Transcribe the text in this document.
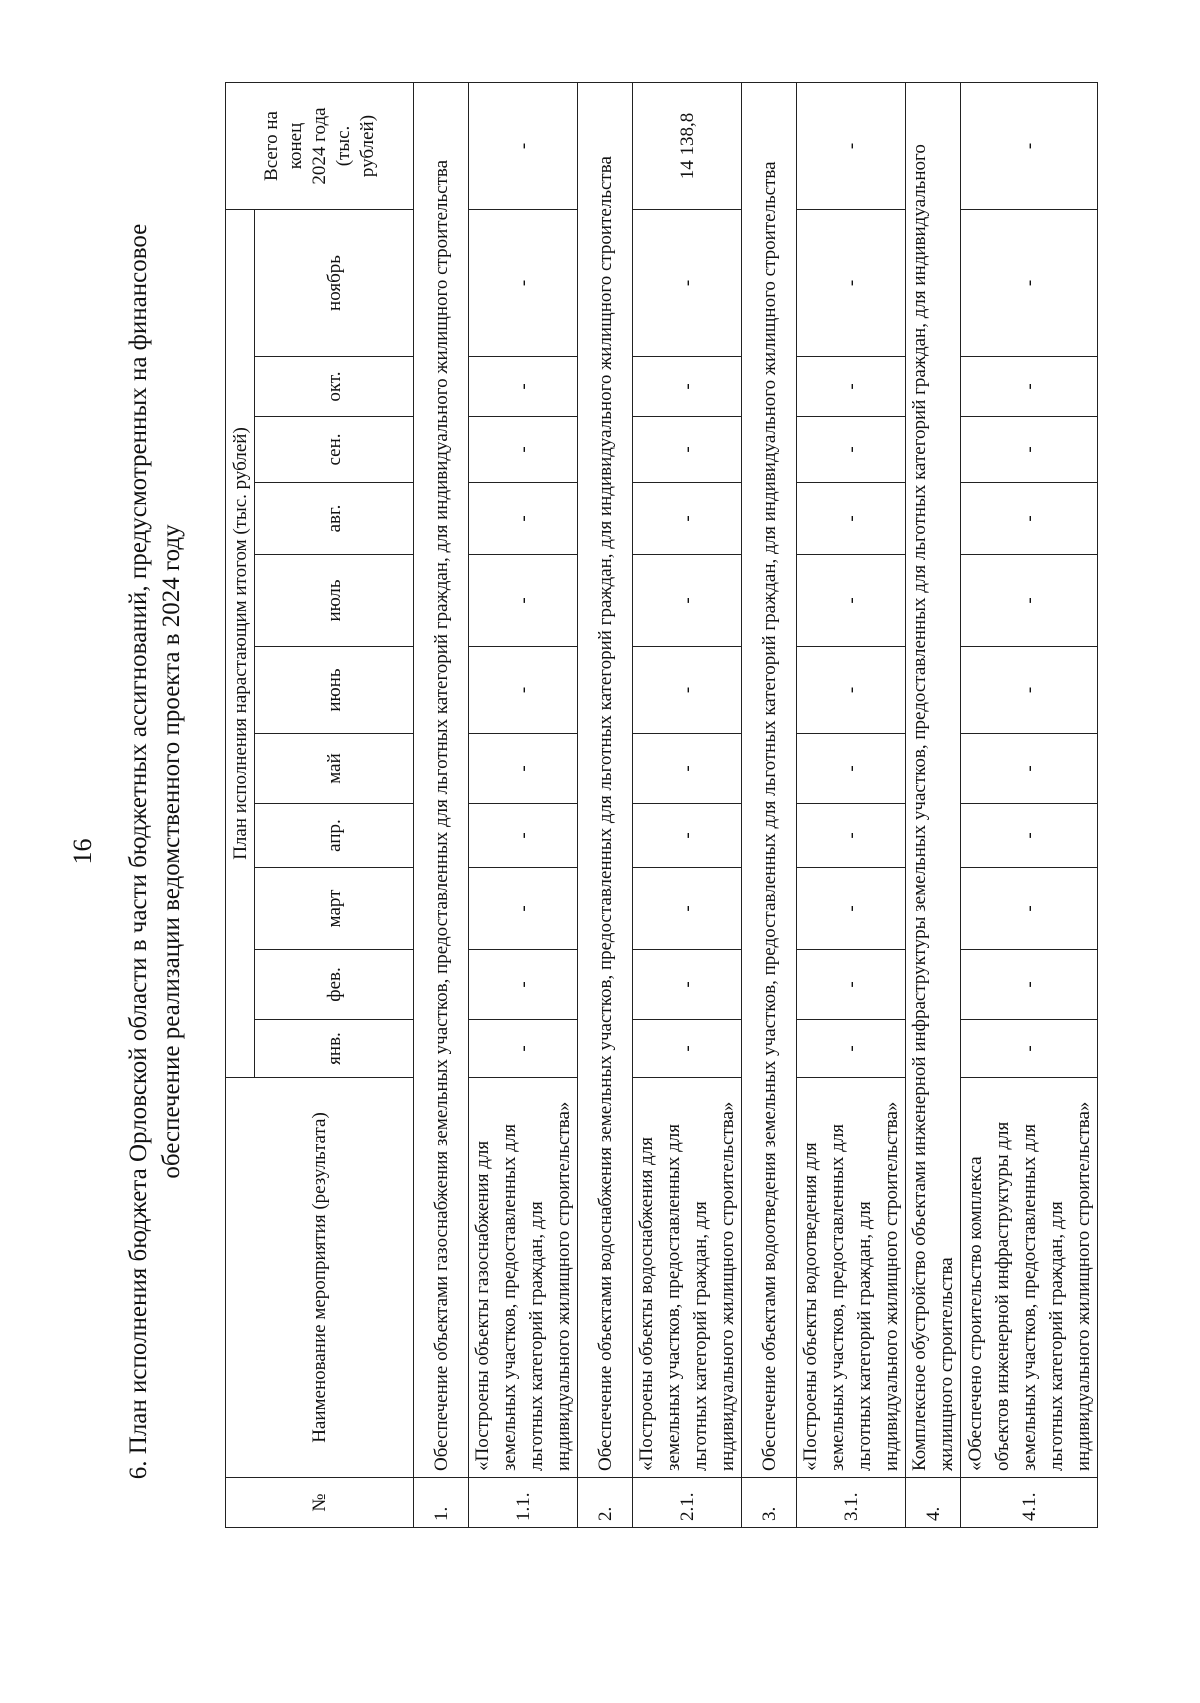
16 6. План исполнения бюджета Орловской области в части бюджетных ассигнований, предусмотренных на финансовое обеспечение реализации ведомственного проекта в 2024 году
№	Наименование мероприятия (результата)	План исполнения нарастающим итогом (тыс. рублей)											Всего на конец 2024 года (тыс. рублей)

		янв.	фев.	март	апр.	май	июнь	июль	авг.	сен.	окт.	ноябрь	
1.	Обеспечение объектами газоснабжения земельных участков, предоставленных для льготных категорий граждан, для индивидуального жилищного строительства												
1.1.	«Построены объекты газоснабжения для земельных участков, предоставленных для льготных категорий граждан, для индивидуального жилищного строительства»	-	-	-	-	-	-	-	-	-	-	-	-
2.	Обеспечение объектами водоснабжения земельных участков, предоставленных для льготных категорий граждан, для индивидуального жилищного строительства												
2.1.	«Построены объекты водоснабжения для земельных участков, предоставленных для льготных категорий граждан, для индивидуального жилищного строительства»	-	-	-	-	-	-	-	-	-	-	-	14 138,8
3.	Обеспечение объектами водоотведения земельных участков, предоставленных для льготных категорий граждан, для индивидуального жилищного строительства												
3.1.	«Построены объекты водоотведения для земельных участков, предоставленных для льготных категорий граждан, для индивидуального жилищного строительства»	-	-	-	-	-	-	-	-	-	-	-	-
4.	Комплексное обустройство объектами инженерной инфраструктуры земельных участков, предоставленных для льготных категорий граждан, для индивидуального жилищного строительства												
4.1.	«Обеспечено строительство комплекса объектов инженерной инфраструктуры для земельных участков, предоставленных для льготных категорий граждан, для индивидуального жилищного строительства»	-	-	-	-	-	-	-	-	-	-	-	-
